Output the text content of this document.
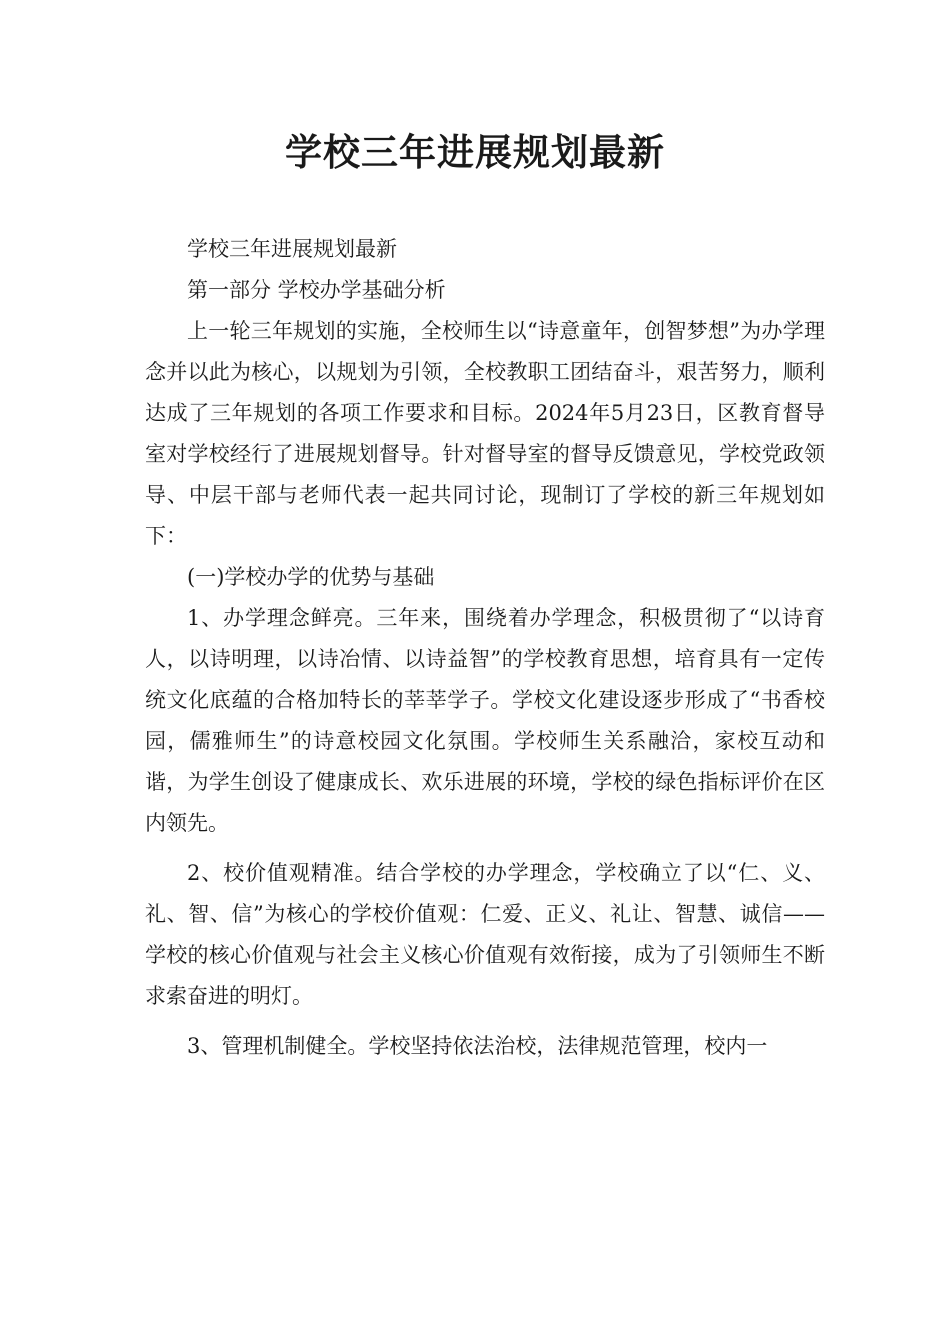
学校三年进展规划最新

学校三年进展规划最新

第一部分 学校办学基础分析

上一轮三年规划的实施，全校师生以“诗意童年，创智梦想”为办学理念并以此为核心，以规划为引领，全校教职工团结奋斗，艰苦努力，顺利达成了三年规划的各项工作要求和目标。2024年5月23日，区教育督导室对学校经行了进展规划督导。针对督导室的督导反馈意见，学校党政领导、中层干部与老师代表一起共同讨论，现制订了学校的新三年规划如下：

(一)学校办学的优势与基础

1、办学理念鲜亮。三年来，围绕着办学理念，积极贯彻了“以诗育人，以诗明理，以诗冶情、以诗益智”的学校教育思想，培育具有一定传统文化底蕴的合格加特长的莘莘学子。学校文化建设逐步形成了“书香校园，儒雅师生”的诗意校园文化氛围。学校师生关系融洽，家校互动和谐，为学生创设了健康成长、欢乐进展的环境，学校的绿色指标评价在区内领先。

2、校价值观精准。结合学校的办学理念，学校确立了以“仁、义、礼、智、信”为核心的学校价值观：仁爱、正义、礼让、智慧、诚信——学校的核心价值观与社会主义核心价值观有效衔接，成为了引领师生不断求索奋进的明灯。

3、管理机制健全。学校坚持依法治校，法律规范管理，校内一
